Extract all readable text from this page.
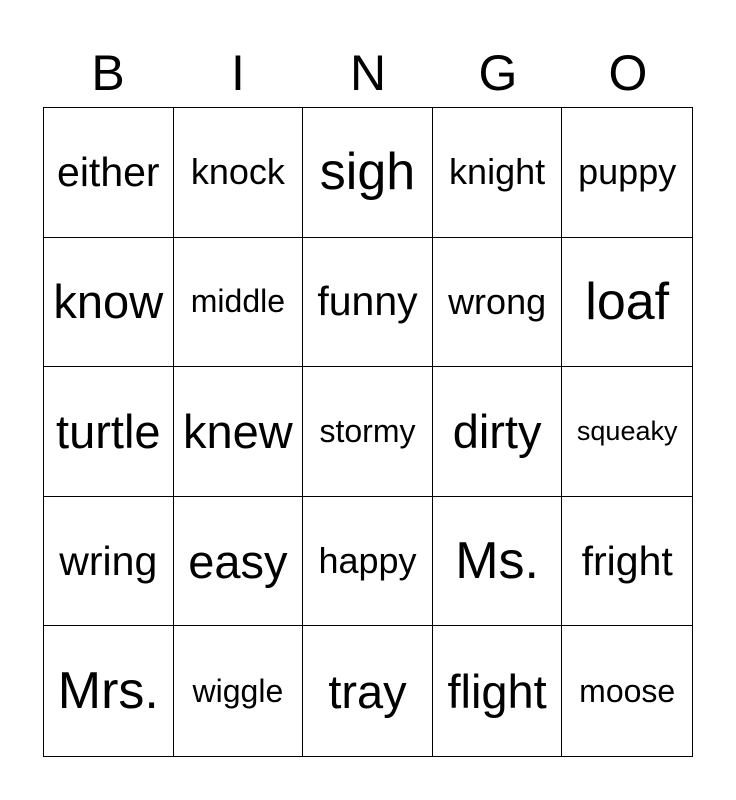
B	I	N	G	O
either knock sigh knight puppy
know middle funny wrong loaf
turtle knew stormy dirty	squeaky
wring easy happy Ms.	fright
Mrs.	wiggle tray flight	moose
